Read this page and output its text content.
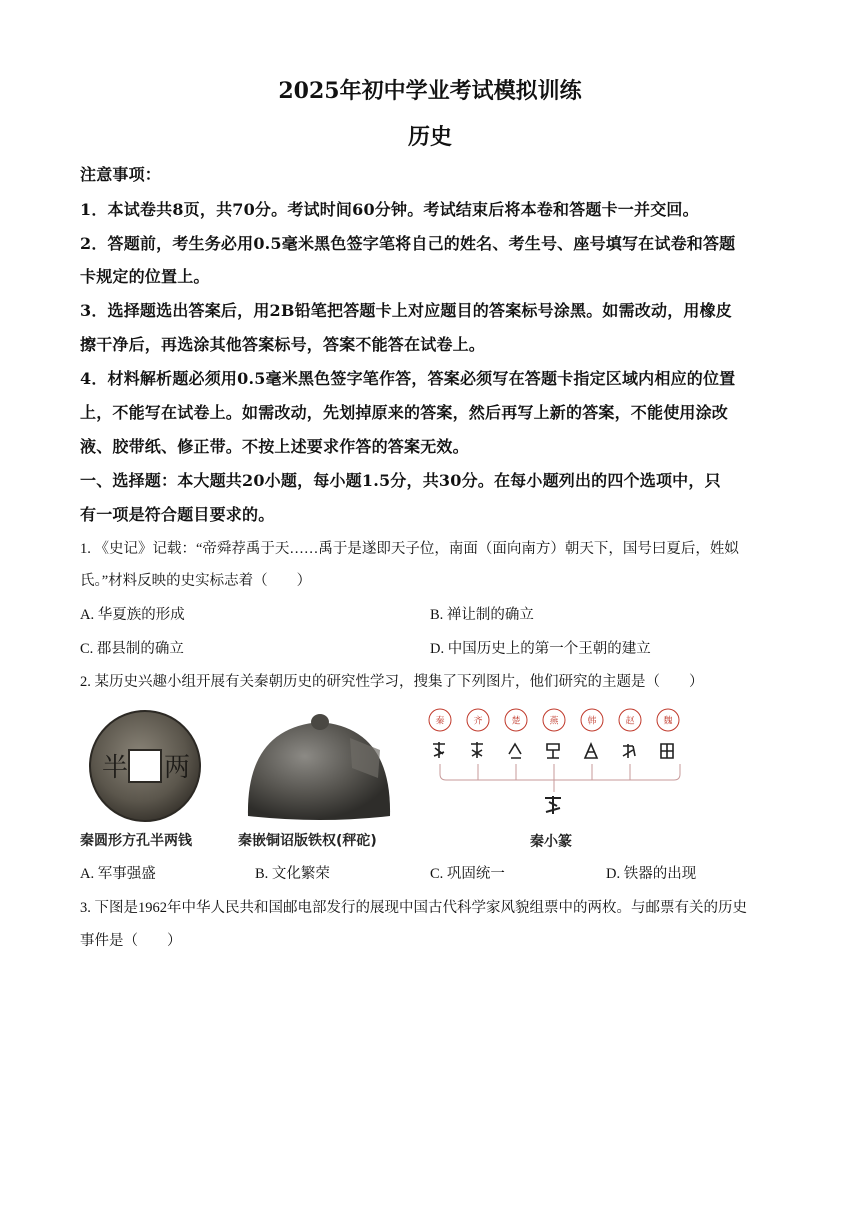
2025年初中学业考试模拟训练
历史
注意事项：
1．本试卷共8页，共70分。考试时间60分钟。考试结束后将本卷和答题卡一并交回。
2．答题前，考生务必用0.5毫米黑色签字笔将自己的姓名、考生号、座号填写在试卷和答题
卡规定的位置上。
3．选择题选出答案后，用2B铅笔把答题卡上对应题目的答案标号涂黑。如需改动，用橡皮
擦干净后，再选涂其他答案标号，答案不能答在试卷上。
4．材料解析题必须用0.5毫米黑色签字笔作答，答案必须写在答题卡指定区域内相应的位置
上，不能写在试卷上。如需改动，先划掉原来的答案，然后再写上新的答案，不能使用涂改
液、胶带纸、修正带。不按上述要求作答的答案无效。
一、选择题：本大题共20小题，每小题1.5分，共30分。在每小题列出的四个选项中，只
有一项是符合题目要求的。
1. 《史记》记载：“帝舜荐禹于天……禹于是遂即天子位，南面（面向南方）朝天下，国号曰夏后，姓姒
氏。”材料反映的史实标志着（　　）
A. 华夏族的形成	B. 禅让制的确立
C. 郡县制的确立	D. 中国历史上的第一个王朝的建立
2. 某历史兴趣小组开展有关秦朝历史的研究性学习，搜集了下列图片，他们研究的主题是（　　）
半 两
秦圆形方孔半两钱	秦嵌铜诏版铁权(秤砣)
秦	齐	楚	燕	韩	赵	魏
秦小篆
A. 军事强盛	B. 文化繁荣	C. 巩固统一	D. 铁器的出现
3. 下图是1962年中华人民共和国邮电部发行的展现中国古代科学家风貌组票中的两枚。与邮票有关的历史
事件是（　　）
